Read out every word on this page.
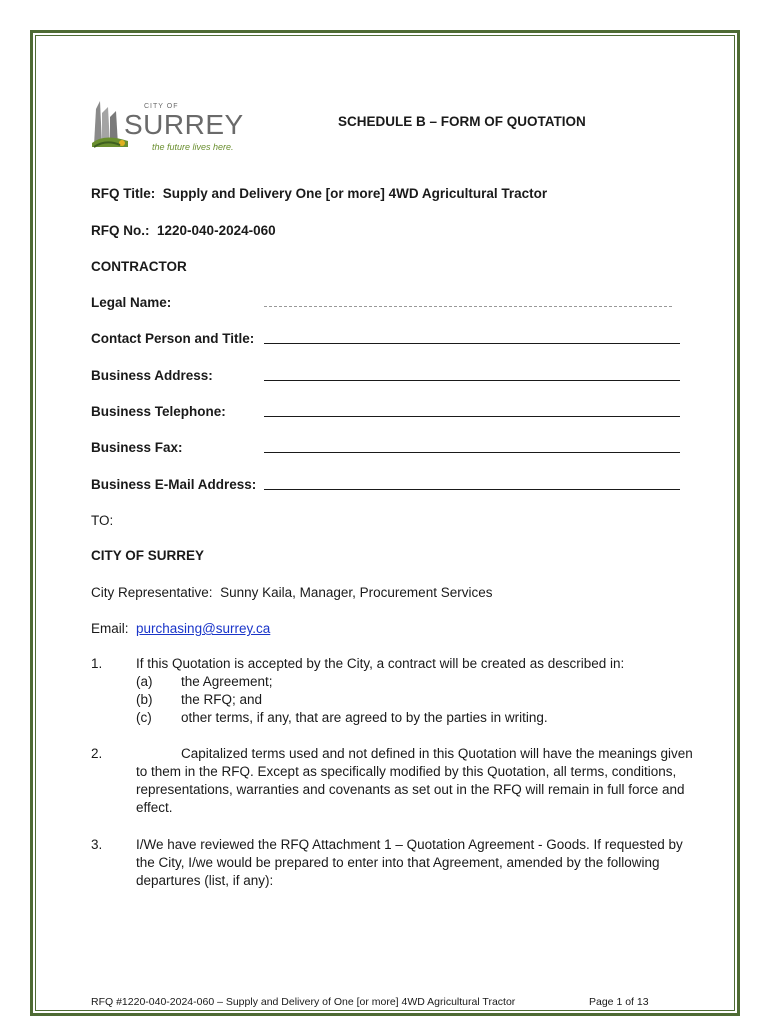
CITY OF
SURREY
the future lives here.
SCHEDULE B – FORM OF QUOTATION
RFQ Title: Supply and Delivery One [or more] 4WD Agricultural Tractor
RFQ No.: 1220-040-2024-060
CONTRACTOR
Legal Name:
Contact Person and Title:
Business Address:
Business Telephone:
Business Fax:
Business E-Mail Address:
TO:
CITY OF SURREY
City Representative: Sunny Kaila, Manager, Procurement Services
Email: purchasing@surrey.ca
1. If this Quotation is accepted by the City, a contract will be created as described in:
(a) the Agreement;
(b) the RFQ; and
(c) other terms, if any, that are agreed to by the parties in writing.
2.	Capitalized terms used and not defined in this Quotation will have the meanings given to them in the RFQ. Except as specifically modified by this Quotation, all terms, conditions, representations, warranties and covenants as set out in the RFQ will remain in full force and effect.

3. I/We have reviewed the RFQ Attachment 1 – Quotation Agreement - Goods. If requested by the City, I/we would be prepared to enter into that Agreement, amended by the following departures (list, if any):

RFQ #1220-040-2024-060 – Supply and Delivery of One [or more] 4WD Agricultural Tractor	Page 1 of 13
